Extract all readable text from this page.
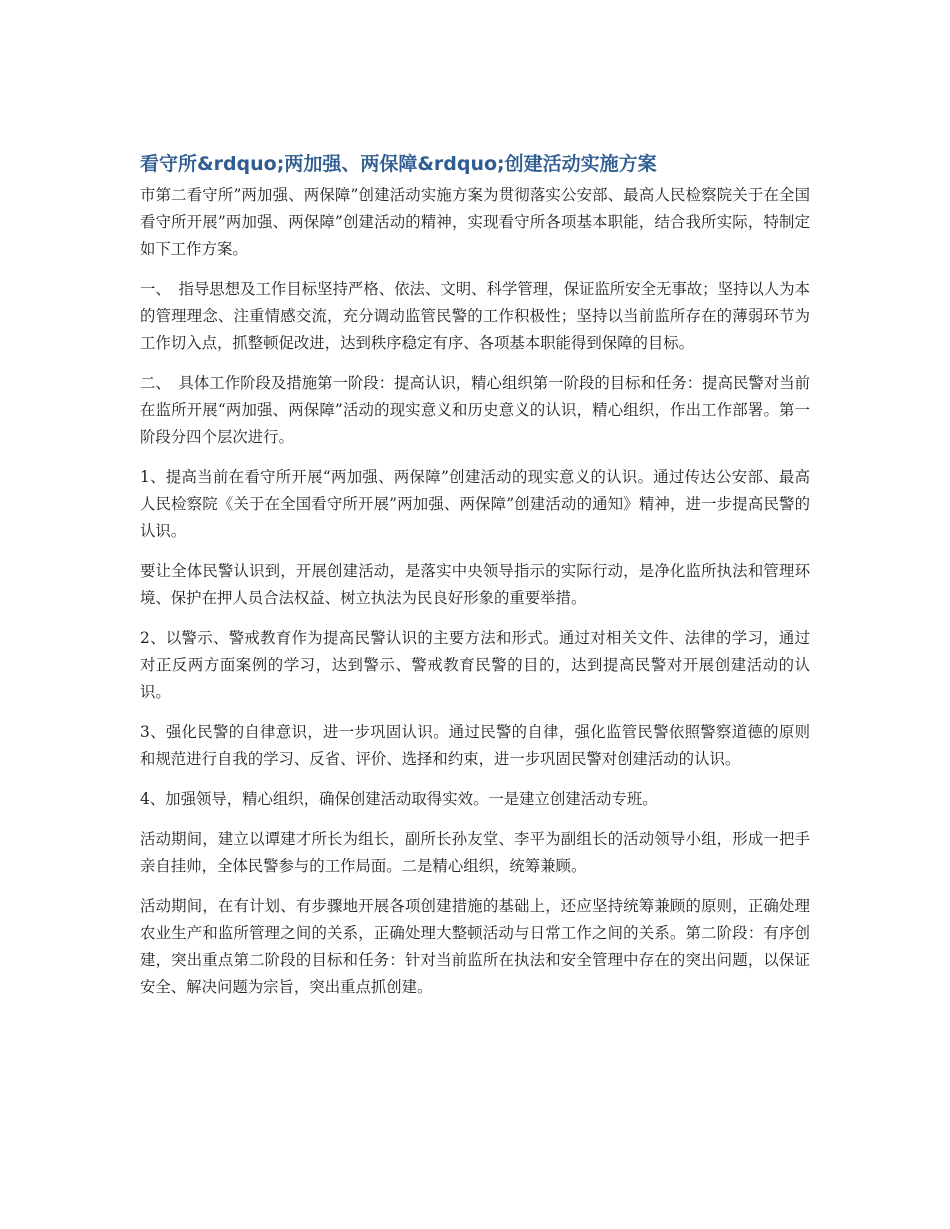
看守所&rdquo;两加强、两保障&rdquo;创建活动实施方案

市第二看守所”两加强、两保障”创建活动实施方案为贯彻落实公安部、最高人民检察院关于在全国看守所开展”两加强、两保障”创建活动的精神，实现看守所各项基本职能，结合我所实际，特制定如下工作方案。

一、　指导思想及工作目标坚持严格、依法、文明、科学管理，保证监所安全无事故；坚持以人为本的管理理念、注重情感交流，充分调动监管民警的工作积极性；坚持以当前监所存在的薄弱环节为工作切入点，抓整顿促改进，达到秩序稳定有序、各项基本职能得到保障的目标。

二、　具体工作阶段及措施第一阶段：提高认识，精心组织第一阶段的目标和任务：提高民警对当前在监所开展“两加强、两保障”活动的现实意义和历史意义的认识，精心组织，作出工作部署。第一阶段分四个层次进行。

1、提高当前在看守所开展“两加强、两保障”创建活动的现实意义的认识。通过传达公安部、最高人民检察院《关于在全国看守所开展”两加强、两保障”创建活动的通知》精神，进一步提高民警的认识。

要让全体民警认识到，开展创建活动，是落实中央领导指示的实际行动，是净化监所执法和管理环境、保护在押人员合法权益、树立执法为民良好形象的重要举措。

2、以警示、警戒教育作为提高民警认识的主要方法和形式。通过对相关文件、法律的学习，通过对正反两方面案例的学习，达到警示、警戒教育民警的目的，达到提高民警对开展创建活动的认识。

3、强化民警的自律意识，进一步巩固认识。通过民警的自律，强化监管民警依照警察道德的原则和规范进行自我的学习、反省、评价、选择和约束，进一步巩固民警对创建活动的认识。

4、加强领导，精心组织，确保创建活动取得实效。一是建立创建活动专班。

活动期间，建立以谭建才所长为组长，副所长孙友堂、李平为副组长的活动领导小组，形成一把手亲自挂帅，全体民警参与的工作局面。二是精心组织，统筹兼顾。

活动期间，在有计划、有步骤地开展各项创建措施的基础上，还应坚持统筹兼顾的原则，正确处理农业生产和监所管理之间的关系，正确处理大整顿活动与日常工作之间的关系。第二阶段：有序创建，突出重点第二阶段的目标和任务：针对当前监所在执法和安全管理中存在的突出问题，以保证安全、解决问题为宗旨，突出重点抓创建。
